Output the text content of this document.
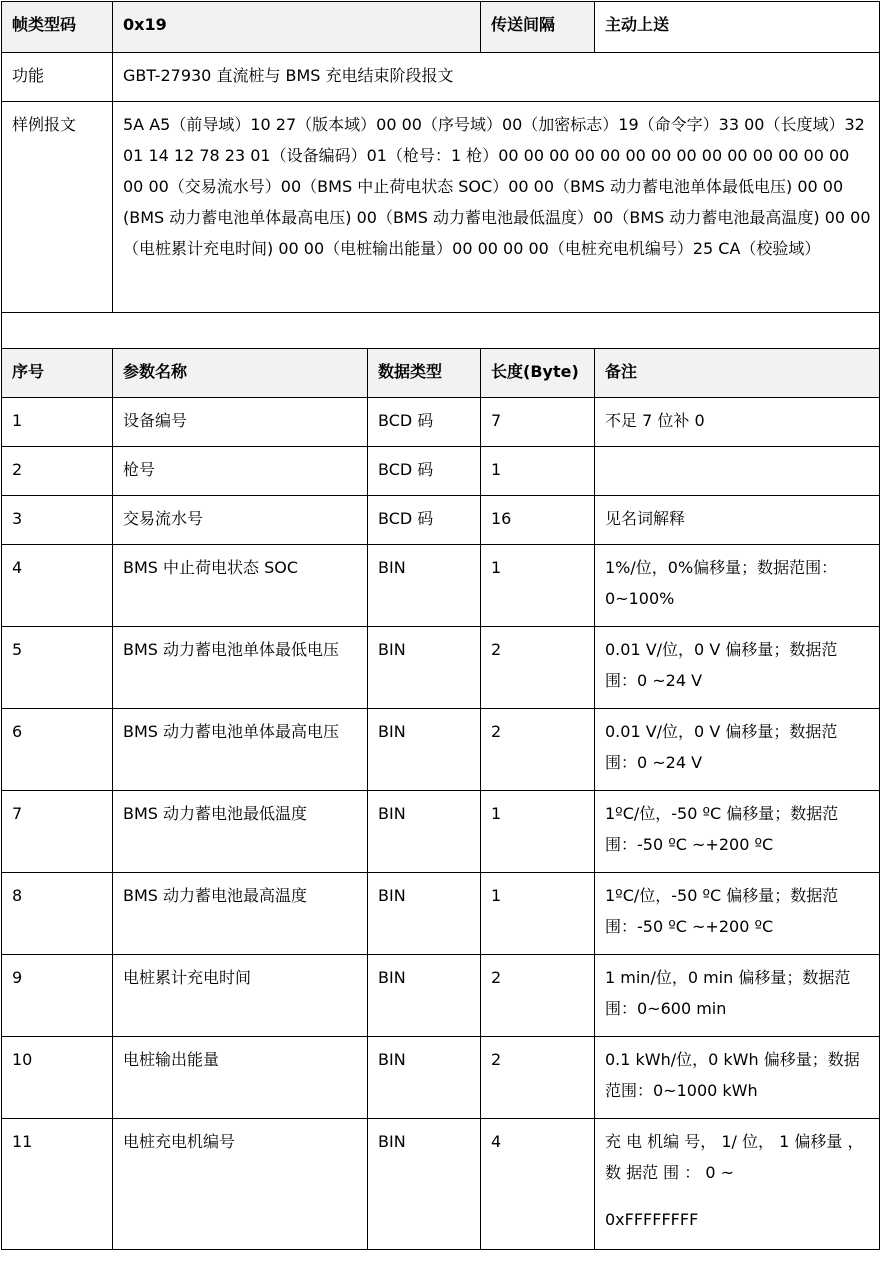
帧类型码	0x19		传送间隔	主动上送
功能	GBT-27930 直流桩与 BMS 充电结束阶段报文			
样例报文	5A A5（前导域）10 27（版本域）00 00（序号域）00（加密标志）19（命令字）33 00（长度域）32 01 14 12 78 23 01（设备编码）01（枪号：1 枪）00 00 00 00 00 00 00 00 00 00 00 00 00 00 00 00（交易流水号）00（BMS 中止荷电状态 SOC）00 00（BMS 动力蓄电池单体最低电压) 00 00 (BMS 动力蓄电池单体最高电压) 00（BMS 动力蓄电池最低温度）00（BMS 动力蓄电池最高温度) 00 00（电桩累计充电时间) 00 00（电桩输出能量）00 00 00 00（电桩充电机编号）25 CA（校验域）			

序号	参数名称	数据类型	长度(Byte)	备注
1	设备编号	BCD 码	7	不足 7 位补 0
2	枪号	BCD 码	1	
3	交易流水号	BCD 码	16	见名词解释
4	BMS 中止荷电状态 SOC	BIN	1	1%/位，0%偏移量；数据范围：0~100%
5	BMS 动力蓄电池单体最低电压	BIN	2	0.01 V/位，0 V 偏移量；数据范围：0 ~24 V
6	BMS 动力蓄电池单体最高电压	BIN	2	0.01 V/位，0 V 偏移量；数据范围：0 ~24 V
7	BMS 动力蓄电池最低温度	BIN	1	1ºC/位，-50 ºC 偏移量；数据范围：-50 ºC ~+200 ºC
8	BMS 动力蓄电池最高温度	BIN	1	1ºC/位，-50 ºC 偏移量；数据范围：-50 ºC ~+200 ºC
9	电桩累计充电时间	BIN	2	1 min/位，0 min 偏移量；数据范围：0~600 min
10	电桩输出能量	BIN	2	0.1 kWh/位，0 kWh 偏移量；数据范围：0~1000 kWh
11	电桩充电机编号	BIN	4	充 电 机编 号， 1/ 位， 1 偏移量 ， 数 据范 围 ： 0 ~
0xFFFFFFFF
